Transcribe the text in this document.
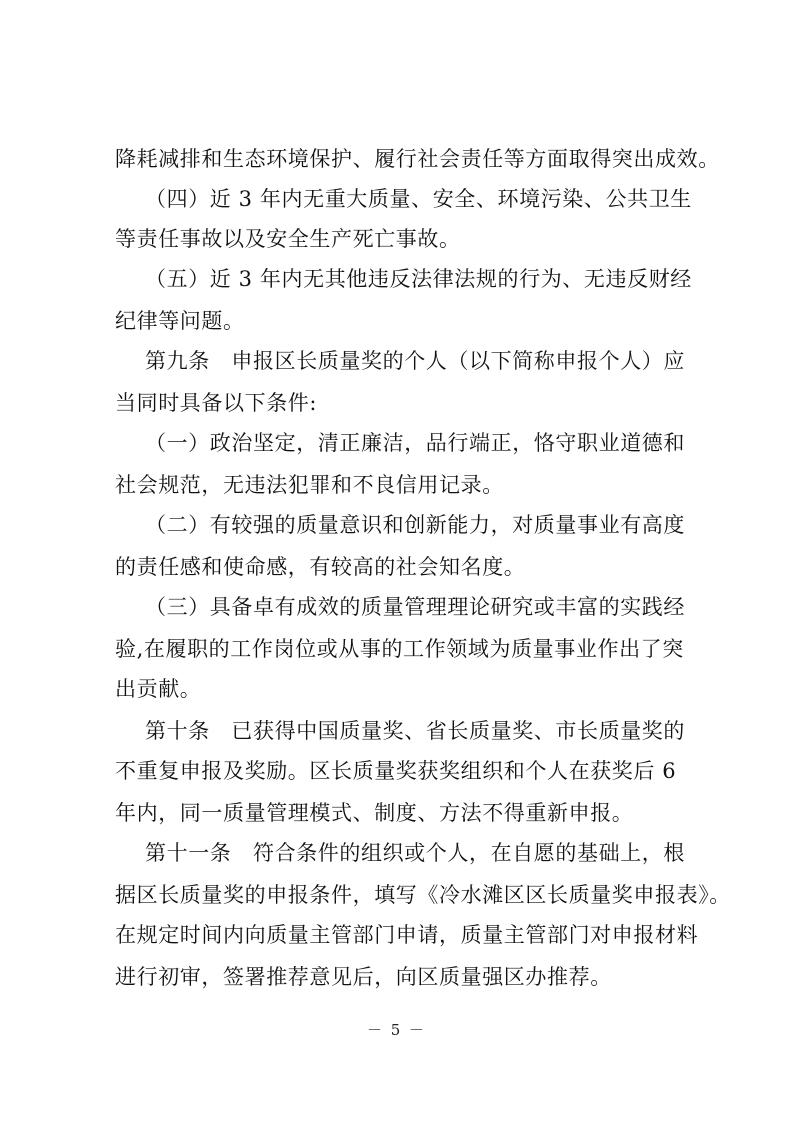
降耗减排和生态环境保护、履行社会责任等方面取得突出成效。
（四）近 3 年内无重大质量、安全、环境污染、公共卫生
等责任事故以及安全生产死亡事故。
（五）近 3 年内无其他违反法律法规的行为、无违反财经
纪律等问题。
第九条　申报区长质量奖的个人（以下简称申报个人）应
当同时具备以下条件:
（一）政治坚定，清正廉洁，品行端正，恪守职业道德和
社会规范，无违法犯罪和不良信用记录。
（二）有较强的质量意识和创新能力，对质量事业有高度
的责任感和使命感，有较高的社会知名度。
（三）具备卓有成效的质量管理理论研究或丰富的实践经
验,在履职的工作岗位或从事的工作领域为质量事业作出了突
出贡献。
第十条　已获得中国质量奖、省长质量奖、市长质量奖的
不重复申报及奖励。区长质量奖获奖组织和个人在获奖后 6
年内，同一质量管理模式、制度、方法不得重新申报。
第十一条　符合条件的组织或个人，在自愿的基础上，根
据区长质量奖的申报条件，填写《冷水滩区区长质量奖申报表》。
在规定时间内向质量主管部门申请，质量主管部门对申报材料
进行初审，签署推荐意见后，向区质量强区办推荐。
－ 5 －
